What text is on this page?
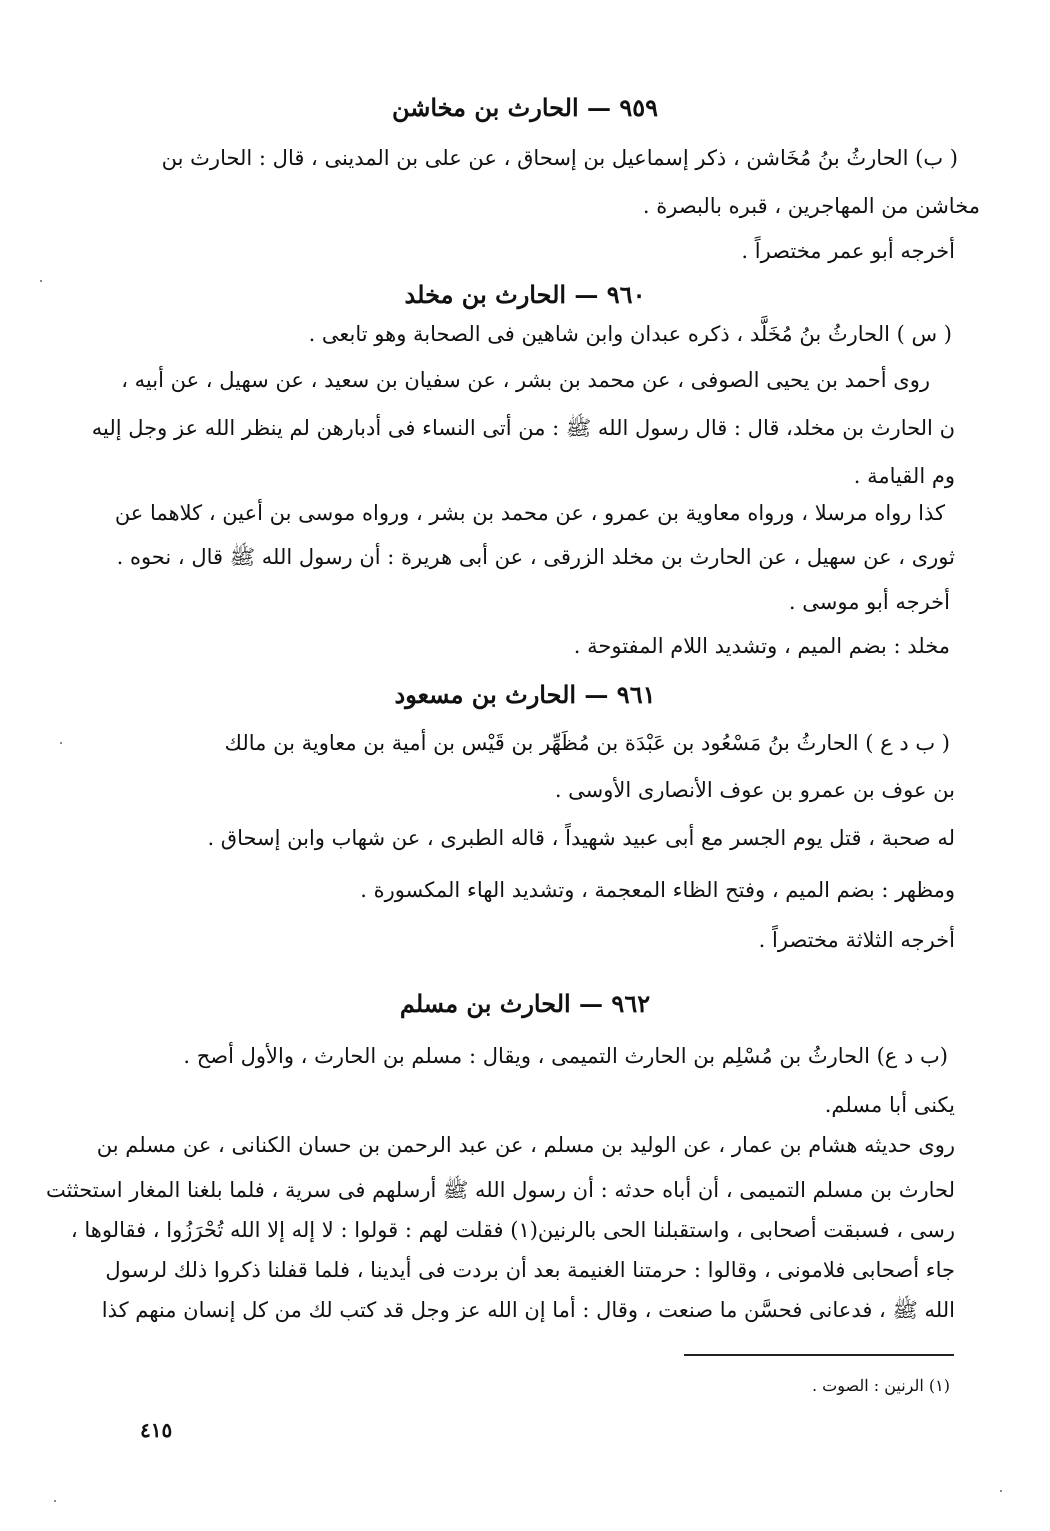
٩٥٩ — الحارث بن مخاشن
( ب) الحارثُ بنُ مُخَاشن ، ذكر إسماعيل بن إسحاق ، عن على بن المدينى ، قال : الحارث بن
مخاشن من المهاجرين ، قبره بالبصرة .
أخرجه أبو عمر مختصراً .
٩٦٠ — الحارث بن مخلد
( س ) الحارثُ بنُ مُخَلَّد ، ذكره عبدان وابن شاهين فى الصحابة وهو تابعى .
روى أحمد بن يحيى الصوفى ، عن محمد بن بشر ، عن سفيان بن سعيد ، عن سهيل ، عن أبيه ،
ن الحارث بن مخلد، قال : قال رسول الله ﷺ : من أتى النساء فى أدبارهن لم ينظر الله عز وجل إليه
وم القيامة .
كذا رواه مرسلا ، ورواه معاوية بن عمرو ، عن محمد بن بشر ، ورواه موسى بن أعين ، كلاهما عن
ثورى ، عن سهيل ، عن الحارث بن مخلد الزرقى ، عن أبى هريرة : أن رسول الله ﷺ قال ، نحوه .
أخرجه أبو موسى .
مخلد : بضم الميم ، وتشديد اللام المفتوحة .
٩٦١ — الحارث بن مسعود
( ب د ع ) الحارثُ بنُ مَسْعُود بن عَبْدَة بن مُظَهِّر بن قَيْس بن أمية بن معاوية بن مالك
بن عوف بن عمرو بن عوف الأنصارى الأوسى .
له صحبة ، قتل يوم الجسر مع أبى عبيد شهيداً ، قاله الطبرى ، عن شهاب وابن إسحاق .
ومظهر : بضم الميم ، وفتح الظاء المعجمة ، وتشديد الهاء المكسورة .
أخرجه الثلاثة مختصراً .
٩٦٢ — الحارث بن مسلم
(ب د ع) الحارثُ بن مُسْلِم بن الحارث التميمى ، ويقال : مسلم بن الحارث ، والأول أصح .
يكنى أبا مسلم.
روى حديثه هشام بن عمار ، عن الوليد بن مسلم ، عن عبد الرحمن بن حسان الكنانى ، عن مسلم بن
لحارث بن مسلم التميمى ، أن أباه حدثه : أن رسول الله ﷺ أرسلهم فى سرية ، فلما بلغنا المغار استحثثت
رسى ، فسبقت أصحابى ، واستقبلنا الحى بالرنين(١) فقلت لهم : قولوا : لا إله إلا الله تُحْرَزُوا ، فقالوها ،
جاء أصحابى فلامونى ، وقالوا : حرمتنا الغنيمة بعد أن بردت فى أيدينا ، فلما قفلنا ذكروا ذلك لرسول
الله ﷺ ، فدعانى فحسَّن ما صنعت ، وقال : أما إن الله عز وجل قد كتب لك من كل إنسان منهم كذا
(١) الرنين : الصوت .
٤١٥
